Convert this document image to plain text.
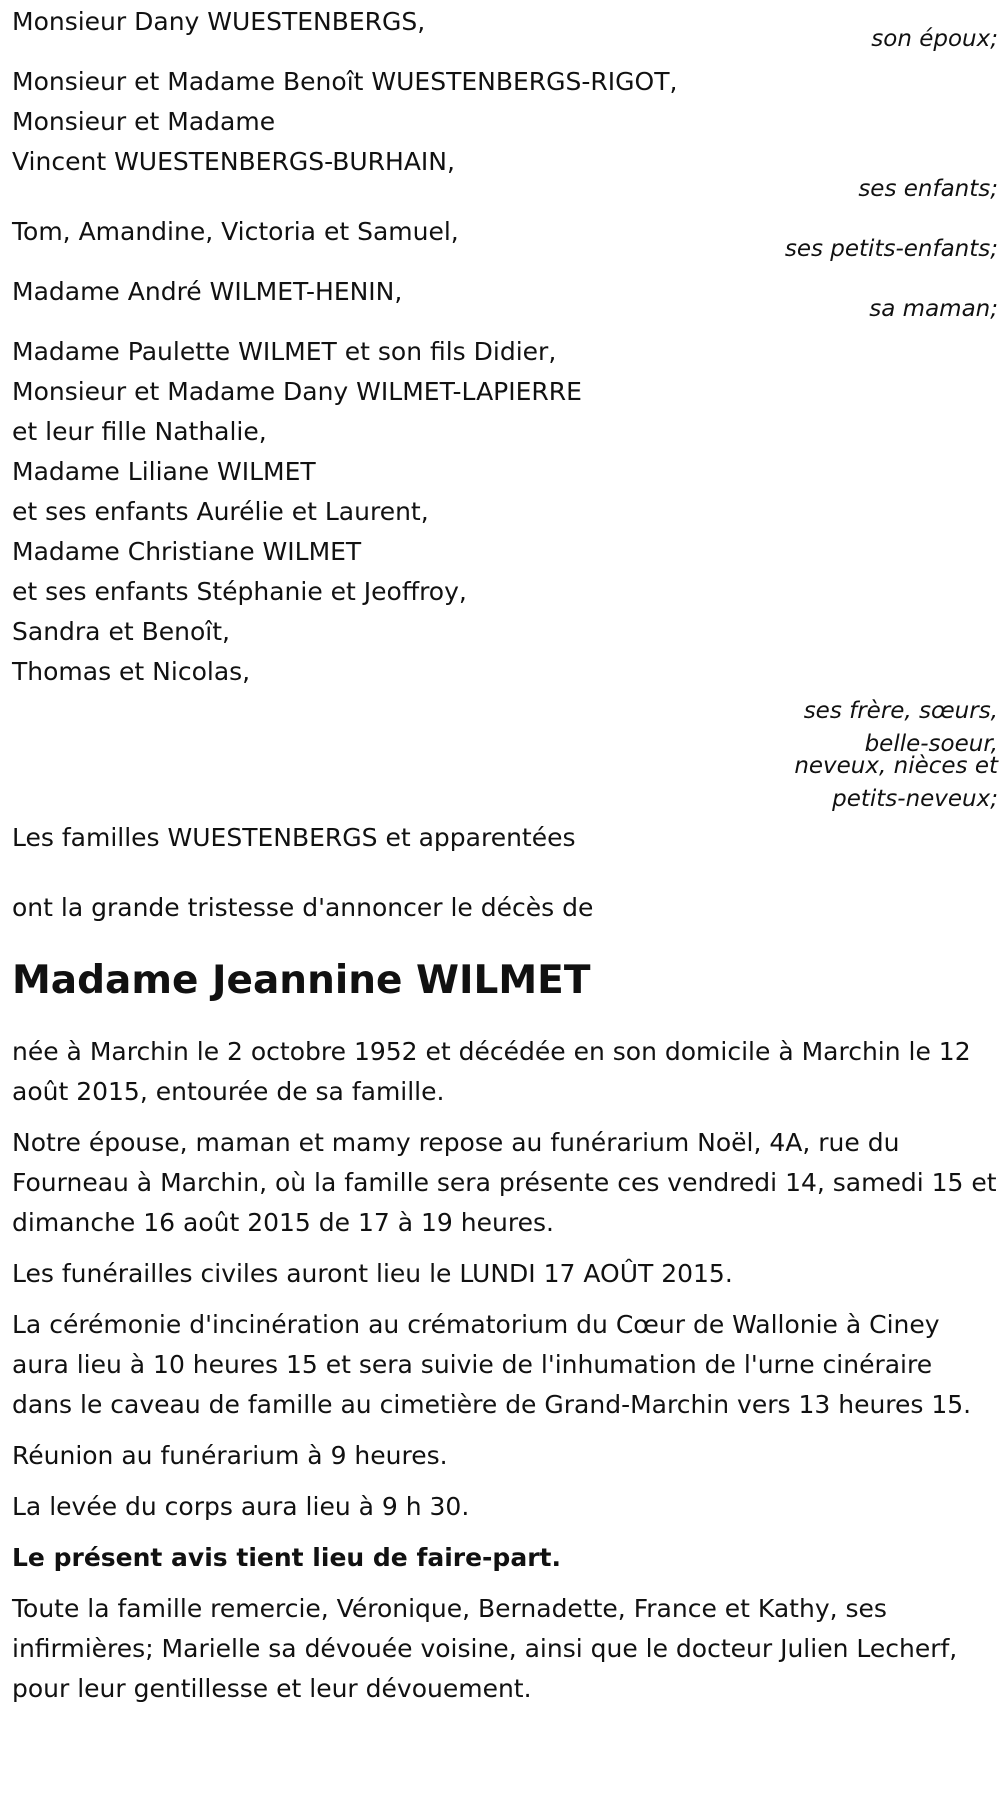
Monsieur Dany WUESTENBERGS,
son époux;
Monsieur et Madame Benoît WUESTENBERGS-RIGOT,
Monsieur et Madame
Vincent WUESTENBERGS-BURHAIN,
ses enfants;
Tom, Amandine, Victoria et Samuel,
ses petits-enfants;
Madame André WILMET-HENIN,
sa maman;
Madame Paulette WILMET et son fils Didier,
Monsieur et Madame Dany WILMET-LAPIERRE
et leur fille Nathalie,
Madame Liliane WILMET
et ses enfants Aurélie et Laurent,
Madame Christiane WILMET
et ses enfants Stéphanie et Jeoffroy,
Sandra et Benoît,
Thomas et Nicolas,
ses frère, sœurs,
belle-soeur,
neveux, nièces et
petits-neveux;
Les familles WUESTENBERGS et apparentées
ont la grande tristesse d'annoncer le décès de
Madame Jeannine WILMET
née à Marchin le 2 octobre 1952 et décédée en son domicile à Marchin le 12 août 2015, entourée de sa famille.
Notre épouse, maman et mamy repose au funérarium Noël, 4A, rue du Fourneau à Marchin, où la famille sera présente ces vendredi 14, samedi 15 et dimanche 16 août 2015 de 17 à 19 heures.
Les funérailles civiles auront lieu le LUNDI 17 AOÛT 2015.
La cérémonie d'incinération au crématorium du Cœur de Wallonie à Ciney aura lieu à 10 heures 15 et sera suivie de l'inhumation de l'urne cinéraire dans le caveau de famille au cimetière de Grand-Marchin vers 13 heures 15.
Réunion au funérarium à 9 heures.
La levée du corps aura lieu à 9 h 30.
Le présent avis tient lieu de faire-part.
Toute la famille remercie, Véronique, Bernadette, France et Kathy, ses infirmières; Marielle sa dévouée voisine, ainsi que le docteur Julien Lecherf, pour leur gentillesse et leur dévouement.
